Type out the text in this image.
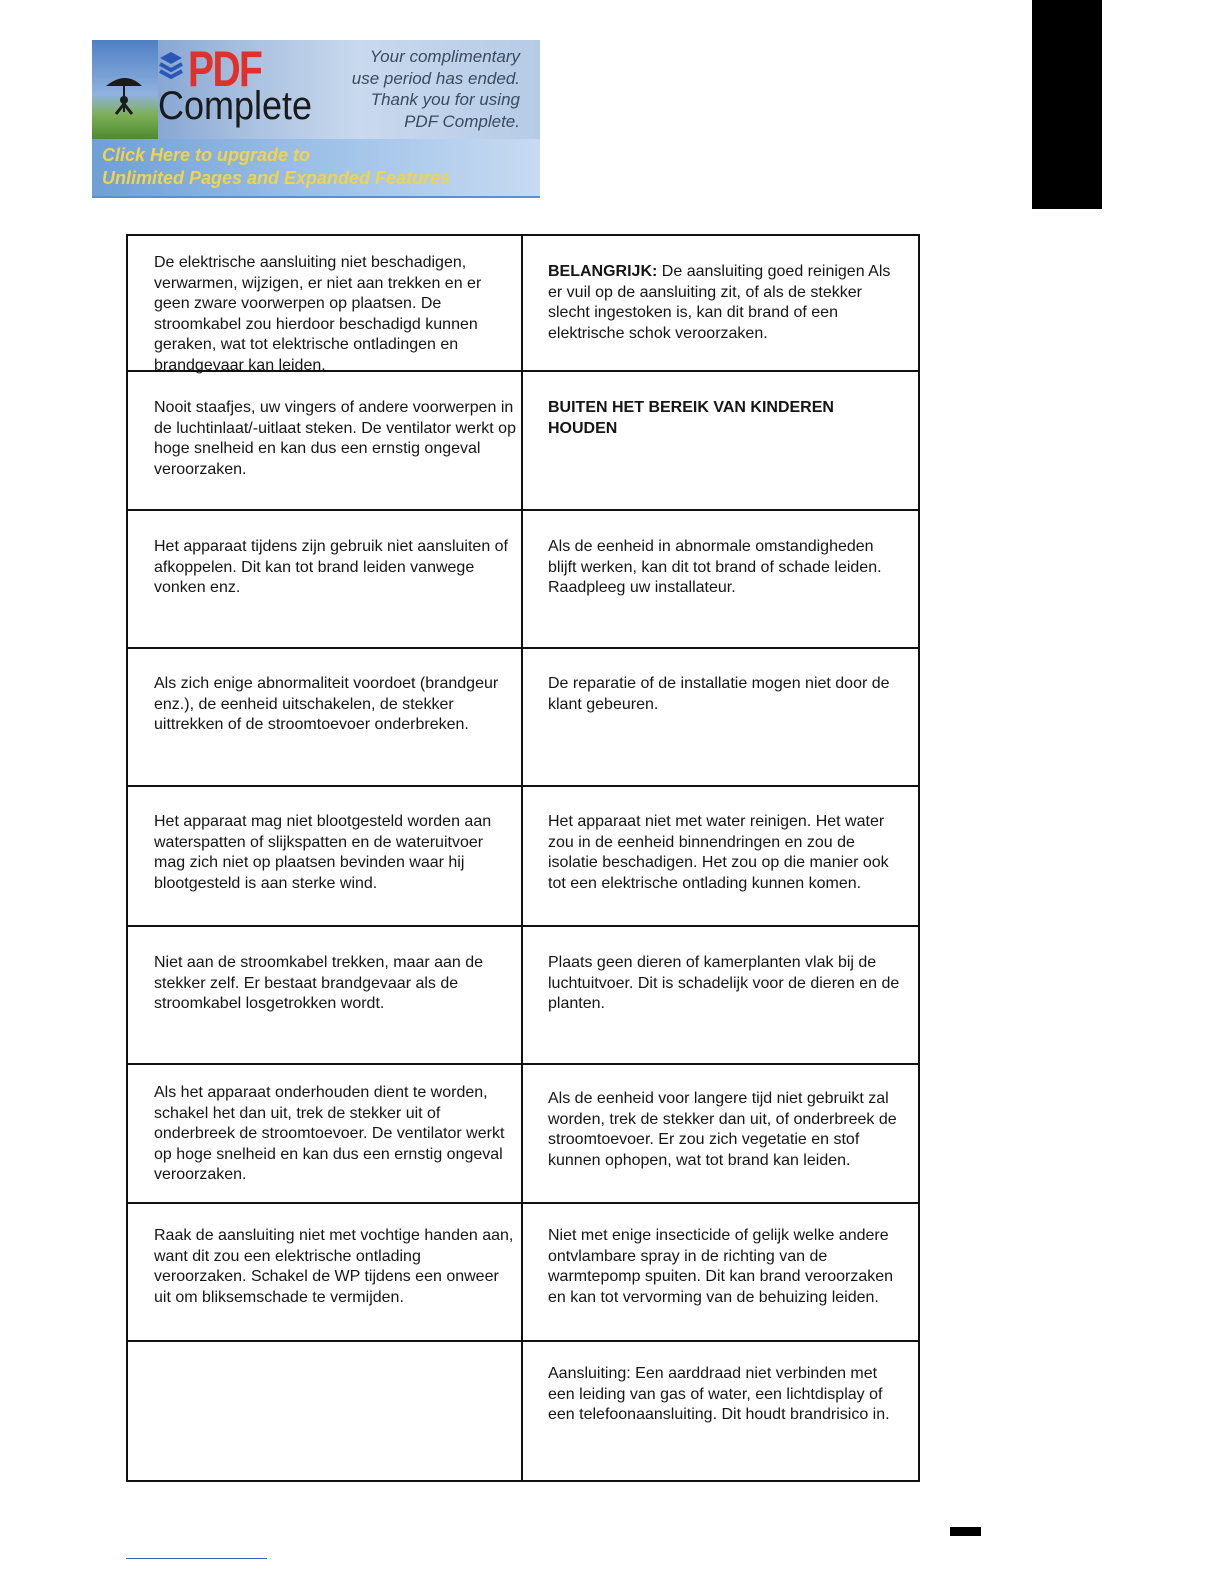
PDF
Complete
Your complimentary
use period has ended.
Thank you for using
PDF Complete.
Click Here to upgrade to
Unlimited Pages and Expanded Features
De elektrische aansluiting niet beschadigen, verwarmen, wijzigen, er niet aan trekken en er geen zware voorwerpen op plaatsen. De stroomkabel zou hierdoor beschadigd kunnen geraken, wat tot elektrische ontladingen en brandgevaar kan leiden.
BELANGRIJK: De aansluiting goed reinigen Als er vuil op de aansluiting zit, of als de stekker slecht ingestoken is, kan dit brand of een elektrische schok veroorzaken.
Nooit staafjes, uw vingers of andere voorwerpen in de luchtinlaat/-uitlaat steken. De ventilator werkt op hoge snelheid en kan dus een ernstig ongeval veroorzaken.
BUITEN HET BEREIK VAN KINDEREN HOUDEN
Het apparaat tijdens zijn gebruik niet aansluiten of afkoppelen. Dit kan tot brand leiden vanwege vonken enz.
Als de eenheid in abnormale omstandigheden blijft werken, kan dit tot brand of schade leiden. Raadpleeg uw installateur.
Als zich enige abnormaliteit voordoet (brandgeur enz.), de eenheid uitschakelen, de stekker uittrekken of de stroomtoevoer onderbreken.
De reparatie of de installatie mogen niet door de klant gebeuren.
Het apparaat mag niet blootgesteld worden aan waterspatten of slijkspatten en de wateruitvoer mag zich niet op plaatsen bevinden waar hij blootgesteld is aan sterke wind.
Het apparaat niet met water reinigen. Het water zou in de eenheid binnendringen en zou de isolatie beschadigen. Het zou op die manier ook tot een elektrische ontlading kunnen komen.
Niet aan de stroomkabel trekken, maar aan de stekker zelf. Er bestaat brandgevaar als de stroomkabel losgetrokken wordt.
Plaats geen dieren of kamerplanten vlak bij de luchtuitvoer. Dit is schadelijk voor de dieren en de planten.
Als het apparaat onderhouden dient te worden, schakel het dan uit, trek de stekker uit of onderbreek de stroomtoevoer. De ventilator werkt op hoge snelheid en kan dus een ernstig ongeval veroorzaken.
Als de eenheid voor langere tijd niet gebruikt zal worden, trek de stekker dan uit, of onderbreek de stroomtoevoer. Er zou zich vegetatie en stof kunnen ophopen, wat tot brand kan leiden.
Raak de aansluiting niet met vochtige handen aan, want dit zou een elektrische ontlading veroorzaken. Schakel de WP tijdens een onweer uit om bliksemschade te vermijden.
Niet met enige insecticide of gelijk welke andere ontvlambare spray in de richting van de warmtepomp spuiten. Dit kan brand veroorzaken en kan tot vervorming van de behuizing leiden.
Aansluiting: Een aarddraad niet verbinden met een leiding van gas of water, een lichtdisplay of een telefoonaansluiting. Dit houdt brandrisico in.
